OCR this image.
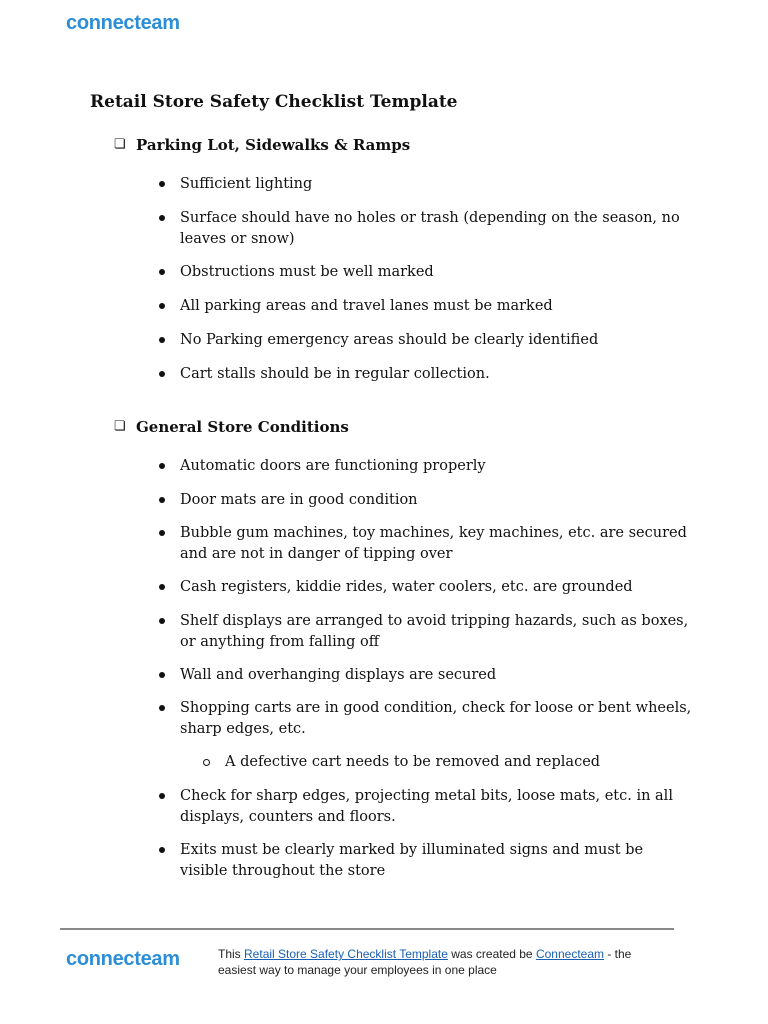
connecteam
Retail Store Safety Checklist Template
❏ Parking Lot, Sidewalks & Ramps
Sufficient lighting
Surface should have no holes or trash (depending on the season, no leaves or snow)
Obstructions must be well marked
All parking areas and travel lanes must be marked
No Parking emergency areas should be clearly identified
Cart stalls should be in regular collection.
❏ General Store Conditions
Automatic doors are functioning properly
Door mats are in good condition
Bubble gum machines, toy machines, key machines, etc. are secured and are not in danger of tipping over
Cash registers, kiddie rides, water coolers, etc. are grounded
Shelf displays are arranged to avoid tripping hazards, such as boxes, or anything from falling off
Wall and overhanging displays are secured
Shopping carts are in good condition, check for loose or bent wheels, sharp edges, etc.
A defective cart needs to be removed and replaced
Check for sharp edges, projecting metal bits, loose mats, etc. in all displays, counters and floors.
Exits must be clearly marked by illuminated signs and must be visible throughout the store
connecteam	This Retail Store Safety Checklist Template was created be Connecteam - the easiest way to manage your employees in one place
